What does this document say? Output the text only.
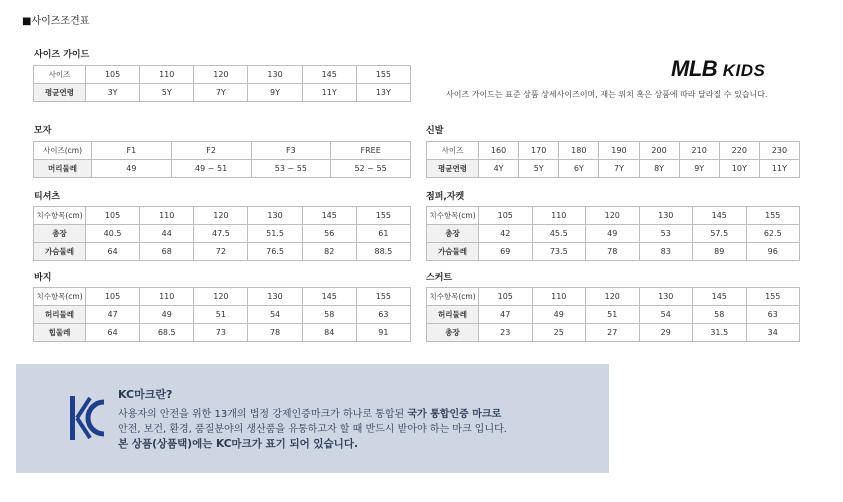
■사이즈조견표
사이즈 가이드
사이즈	105	110	120	130	145	155
평균연령	3Y	5Y	7Y	9Y	11Y	13Y
MLB KIDS
사이즈 가이드는 표준 상품 상세사이즈이며, 재는 위치 혹은 상품에 따라 달라질 수 있습니다.
모자
사이즈(cm)	F1	F2	F3	FREE
머리둘레	49	49 ~ 51	53 ~ 55	52 ~ 55
신발
사이즈	160	170	180	190	200	210	220	230
평균연령	4Y	5Y	6Y	7Y	8Y	9Y	10Y	11Y
티셔츠
치수항목(cm)	105	110	120	130	145	155
총장	40.5	44	47.5	51.5	56	61
가슴둘레	64	68	72	76.5	82	88.5
점퍼,자켓
치수항목(cm)	105	110	120	130	145	155
총장	42	45.5	49	53	57.5	62.5
가슴둘레	69	73.5	78	83	89	96
바지
치수항목(cm)	105	110	120	130	145	155
허리둘레	47	49	51	54	58	63
힙둘레	64	68.5	73	78	84	91
스커트
치수항목(cm)	105	110	120	130	145	155
허리둘레	47	49	51	54	58	63
총장	23	25	27	29	31.5	34
KC마크란?
사용자의 안전을 위한 13개의 법정 강제인증마크가 하나로 통합된 국가 통합인증 마크로
안전, 보건, 환경, 품질분야의 생산품을 유통하고자 할 때 반드시 받아야 하는 마크 입니다.
본 상품(상품택)에는 KC마크가 표기 되어 있습니다.
